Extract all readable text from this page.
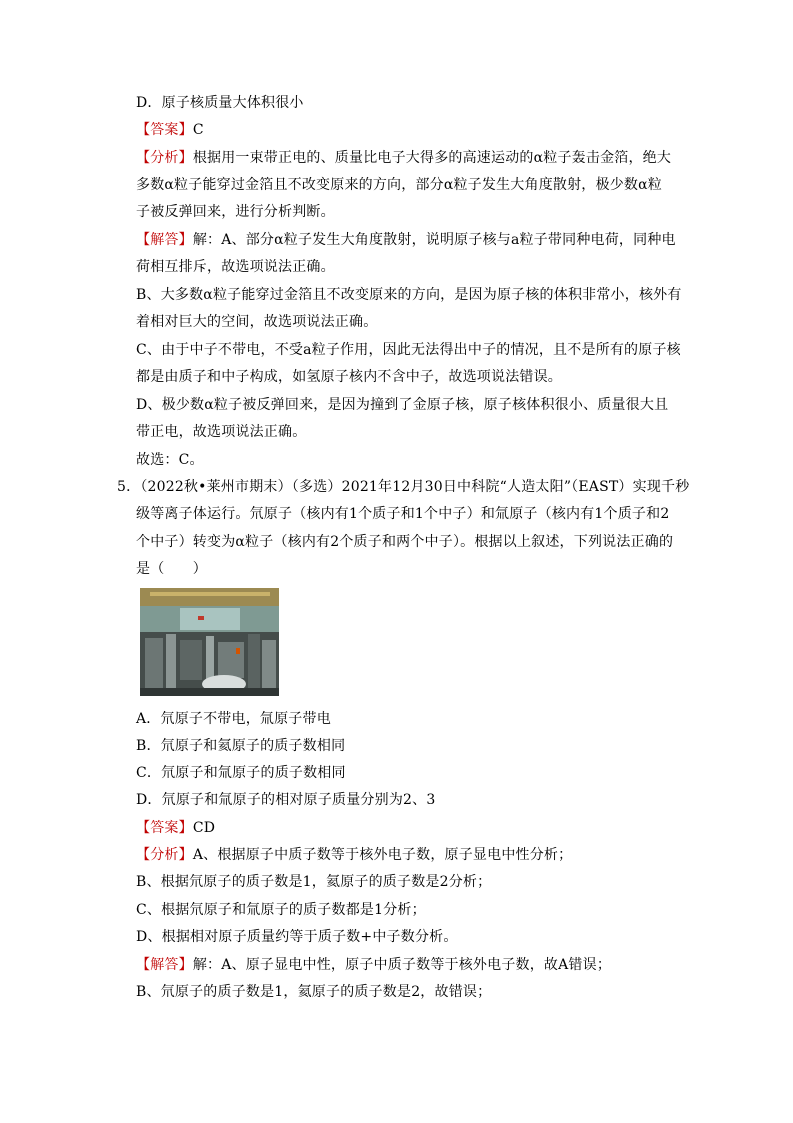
D．原子核质量大体积很小
【答案】C
【分析】根据用一束带正电的、质量比电子大得多的高速运动的α粒子轰击金箔，绝大
多数α粒子能穿过金箔且不改变原来的方向，部分α粒子发生大角度散射，极少数α粒
子被反弹回来，进行分析判断。
【解答】解：A、部分α粒子发生大角度散射，说明原子核与a粒子带同种电荷，同种电
荷相互排斥，故选项说法正确。
B、大多数α粒子能穿过金箔且不改变原来的方向，是因为原子核的体积非常小，核外有
着相对巨大的空间，故选项说法正确。
C、由于中子不带电，不受a粒子作用，因此无法得出中子的情况，且不是所有的原子核
都是由质子和中子构成，如氢原子核内不含中子，故选项说法错误。
D、极少数α粒子被反弹回来，是因为撞到了金原子核，原子核体积很小、质量很大且
带正电，故选项说法正确。
故选：C。
5．（2022秋•莱州市期末）（多选）2021年12月30日中科院“人造太阳”（EAST）实现千秒
级等离子体运行。氘原子（核内有1个质子和1个中子）和氚原子（核内有1个质子和2
个中子）转变为α粒子（核内有2个质子和两个中子）。根据以上叙述，下列说法正确的
是（　　）
A．氘原子不带电，氚原子带电
B．氘原子和氦原子的质子数相同
C．氘原子和氚原子的质子数相同
D．氘原子和氚原子的相对原子质量分别为2、3
【答案】CD
【分析】A、根据原子中质子数等于核外电子数，原子显电中性分析；
B、根据氘原子的质子数是1，氦原子的质子数是2分析；
C、根据氘原子和氚原子的质子数都是1分析；
D、根据相对原子质量约等于质子数+中子数分析。
【解答】解：A、原子显电中性，原子中质子数等于核外电子数，故A错误；
B、氘原子的质子数是1，氦原子的质子数是2，故错误；
